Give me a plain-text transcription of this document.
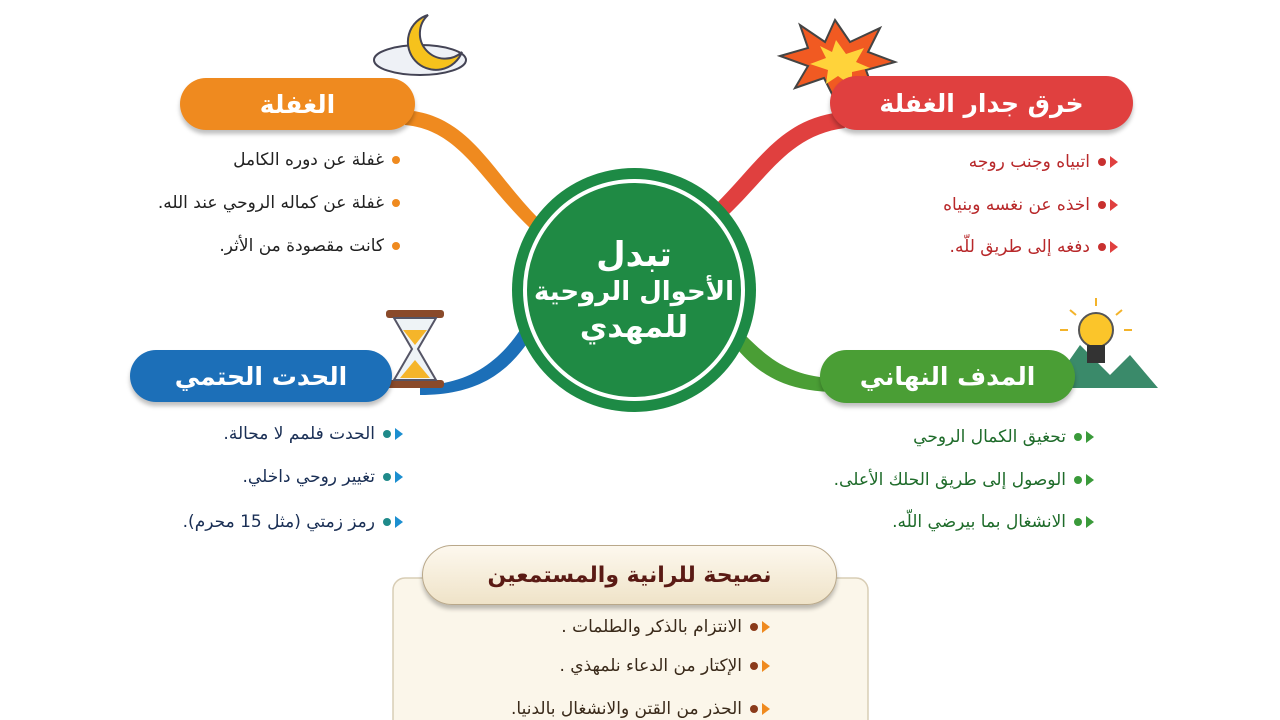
تبدل
الأحوال الروحية
للمهدي
الغفلة
غفلة عن دوره الكامل
غفلة عن كماله الروحي عند الله.
كانت مقصودة من الأثر.
خرق جدار الغفلة
اتبياه وجنب روجه
اخذه عن نغسه وبنياه
دفغه إلى طريق للّه.
الحدت الحتمي
الحدت فلمم لا محالة.
تغيير روحي داخلي.
رمز زمتي (مثل 15 محرم).
المدف النهاني
تحغيق الكمال الروحي
الوصول إلى طريق الحلك الأعلى.
الانشغال بما بيرضي اللّه.
نصيحة للرانية والمستمعين
الانتزام بالذكر والطلمات .
الإكتار من الدعاء نلمهذي .
الحذر من القتن والانشغال بالدنيا.
